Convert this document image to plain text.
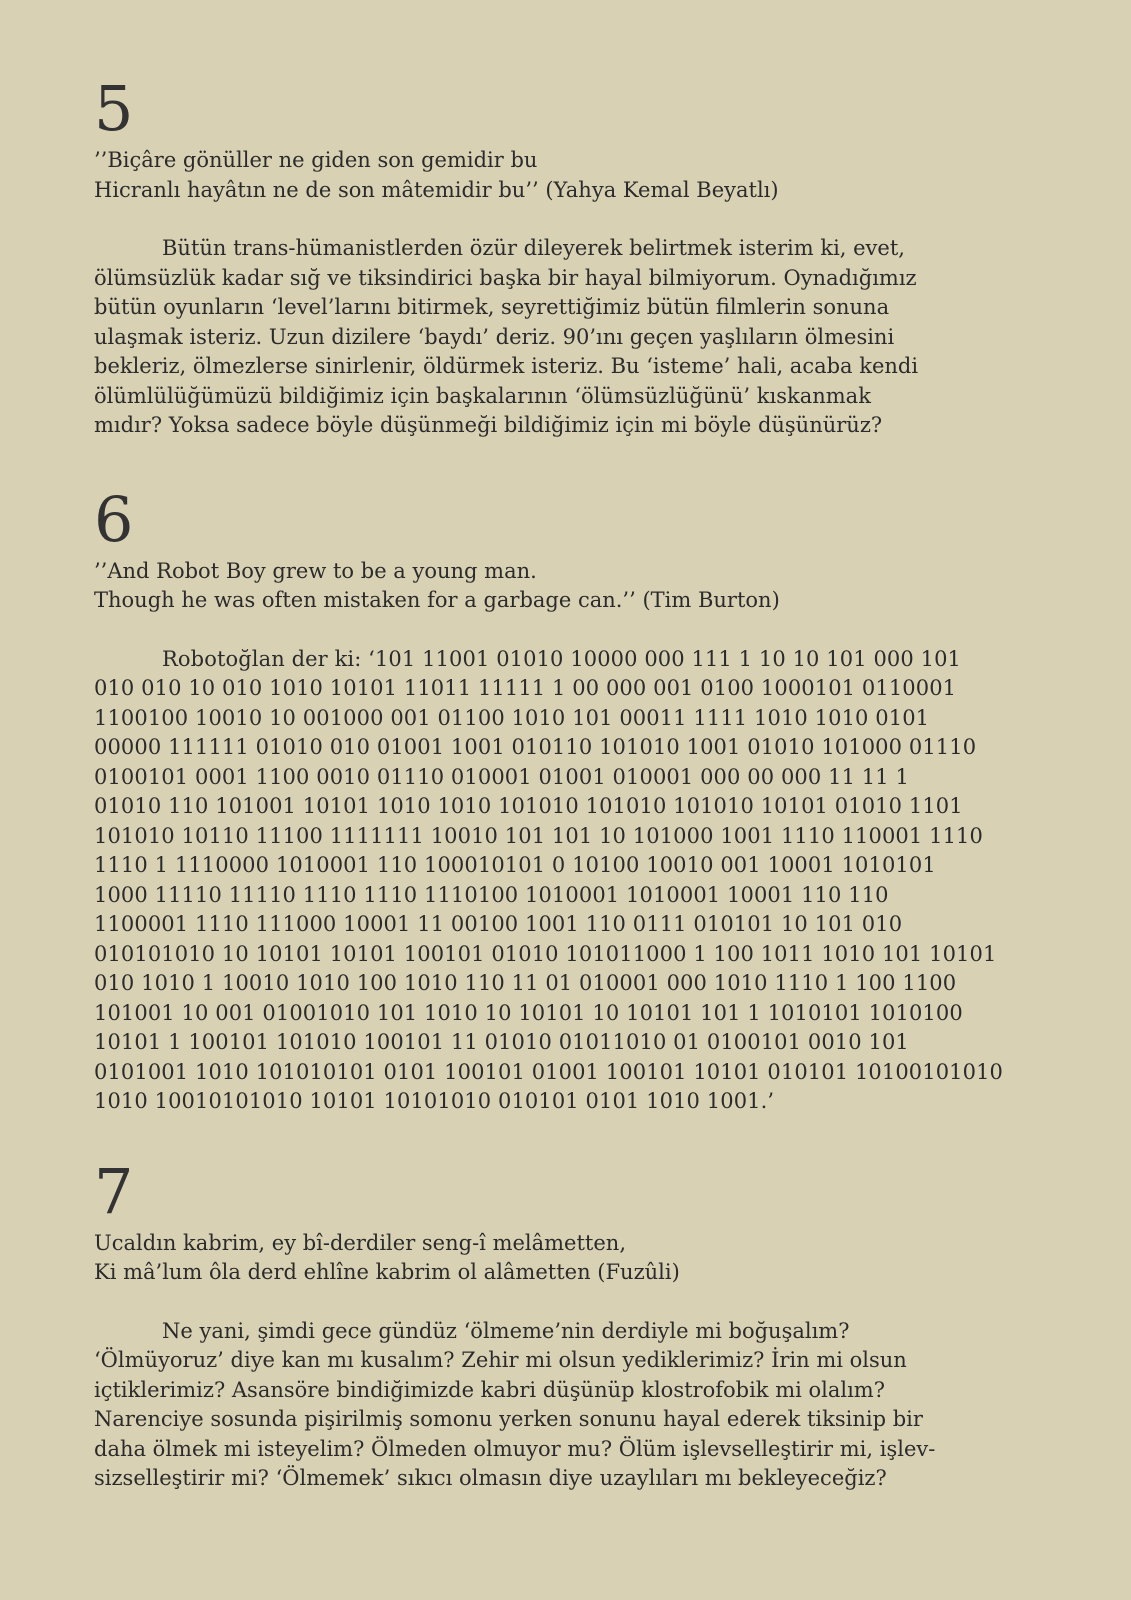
5
’’Biçâre gönüller ne giden son gemidir bu
Hicranlı hayâtın ne de son mâtemidir bu’’ (Yahya Kemal Beyatlı)
Bütün trans-hümanistlerden özür dileyerek belirtmek isterim ki, evet,
ölümsüzlük kadar sığ ve tiksindirici başka bir hayal bilmiyorum. Oynadığımız
bütün oyunların ‘level’larını bitirmek, seyrettiğimiz bütün filmlerin sonuna
ulaşmak isteriz. Uzun dizilere ‘baydı’ deriz. 90’ını geçen yaşlıların ölmesini
bekleriz, ölmezlerse sinirlenir, öldürmek isteriz. Bu ‘isteme’ hali, acaba kendi
ölümlülüğümüzü bildiğimiz için başkalarının ‘ölümsüzlüğünü’ kıskanmak
mıdır? Yoksa sadece böyle düşünmeği bildiğimiz için mi böyle düşünürüz?
6
’’And Robot Boy grew to be a young man.
Though he was often mistaken for a garbage can.’’ (Tim Burton)
Robotoğlan der ki: ‘101 11001 01010 10000 000 111 1 10 10 101 000 101
010 010 10 010 1010 10101 11011 11111 1 00 000 001 0100 1000101 0110001
1100100 10010 10 001000 001 01100 1010 101 00011 1111 1010 1010 0101
00000 111111 01010 010 01001 1001 010110 101010 1001 01010 101000 01110
0100101 0001 1100 0010 01110 010001 01001 010001 000 00 000 11 11 1
01010 110 101001 10101 1010 1010 101010 101010 101010 10101 01010 1101
101010 10110 11100 1111111 10010 101 101 10 101000 1001 1110 110001 1110
1110 1 1110000 1010001 110 100010101 0 10100 10010 001 10001 1010101
1000 11110 11110 1110 1110 1110100 1010001 1010001 10001 110 110
1100001 1110 111000 10001 11 00100 1001 110 0111 010101 10 101 010
010101010 10 10101 10101 100101 01010 101011000 1 100 1011 1010 101 10101
010 1010 1 10010 1010 100 1010 110 11 01 010001 000 1010 1110 1 100 1100
101001 10 001 01001010 101 1010 10 10101 10 10101 101 1 1010101 1010100
10101 1 100101 101010 100101 11 01010 01011010 01 0100101 0010 101
0101001 1010 101010101 0101 100101 01001 100101 10101 010101 10100101010
1010 10010101010 10101 10101010 010101 0101 1010 1001.’
7
Ucaldın kabrim, ey bî-derdiler seng-î melâmetten,
Ki mâ’lum ôla derd ehlîne kabrim ol alâmetten (Fuzûli)
Ne yani, şimdi gece gündüz ‘ölmeme’nin derdiyle mi boğuşalım?
‘Ölmüyoruz’ diye kan mı kusalım? Zehir mi olsun yediklerimiz? İrin mi olsun
içtiklerimiz? Asansöre bindiğimizde kabri düşünüp klostrofobik mi olalım?
Narenciye sosunda pişirilmiş somonu yerken sonunu hayal ederek tiksinip bir
daha ölmek mi isteyelim? Ölmeden olmuyor mu? Ölüm işlevselleştirir mi, işlev-
sizselleştirir mi? ‘Ölmemek’ sıkıcı olmasın diye uzaylıları mı bekleyeceğiz?
